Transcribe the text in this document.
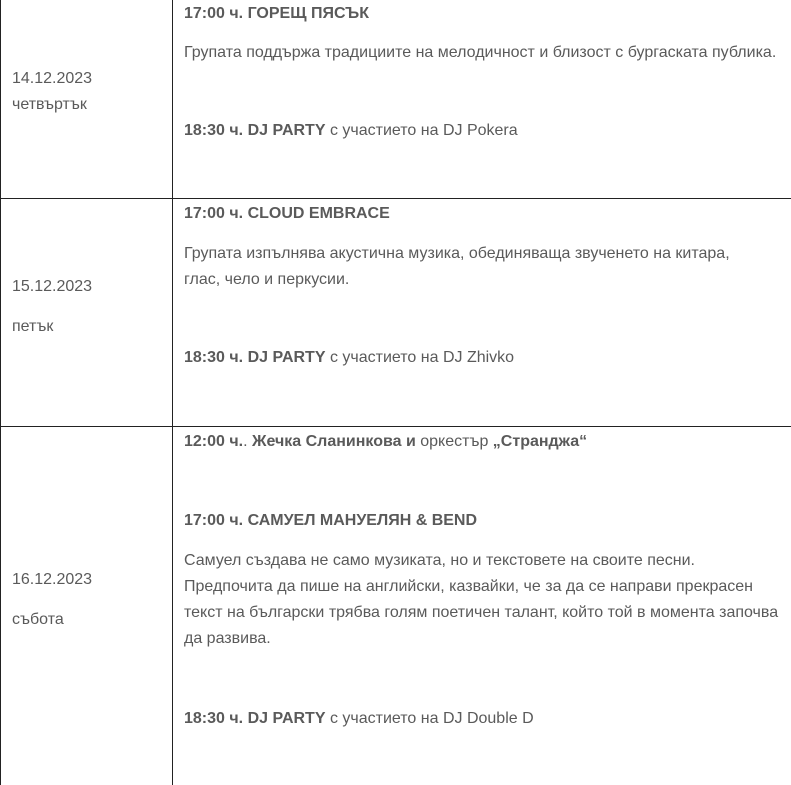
14.12.2023
четвъртък
17:00 ч. ГОРЕЩ ПЯСЪК
Групата поддържа традициите на мелодичност и близост с бургаската публика.
18:30 ч. DJ PARTY с участието на DJ Pokera
15.12.2023
петък
17:00 ч. CLOUD EMBRACE
Групата изпълнява акустична музика, обединяваща звученето на китара, глас, чело и перкусии.
18:30 ч. DJ PARTY с участието на DJ Zhivko
16.12.2023
събота
12:00 ч.. Жечка Сланинкова и оркестър „Странджа“
17:00 ч. САМУЕЛ МАНУЕЛЯН & BEND
Самуел създава не само музиката, но и текстовете на своите песни. Предпочита да пише на английски, казвайки, че за да се направи прекрасен текст на български трябва голям поетичен талант, който той в момента започва да развива.
18:30 ч. DJ PARTY с участието на DJ Double D
